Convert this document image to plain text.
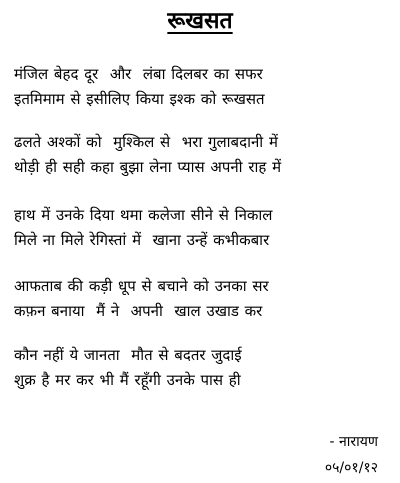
रूखसत
मंजिल बेहद दूर  और  लंबा दिलबर का सफर
इतमिमाम से इसीलिए किया इश्क को रूखसत
ढलते अश्कों को  मुश्किल से  भरा गुलाबदानी में
थोड़ी ही सही कहा बुझा लेना प्यास अपनी राह में
हाथ में उनके दिया थमा कलेजा सीने से निकाल
मिले ना मिले रेगिस्तां में  खाना उन्हें कभीकबार
आफताब की कड़ी धूप से बचाने को उनका सर
कफ़न बनाया  मैं ने  अपनी  खाल उखाड कर
कौन नहीं ये जानता  मौत से बदतर जुदाई
शुक्र है मर कर भी मैं रहूँगी उनके पास ही
- नारायण
०५/०१/१२
